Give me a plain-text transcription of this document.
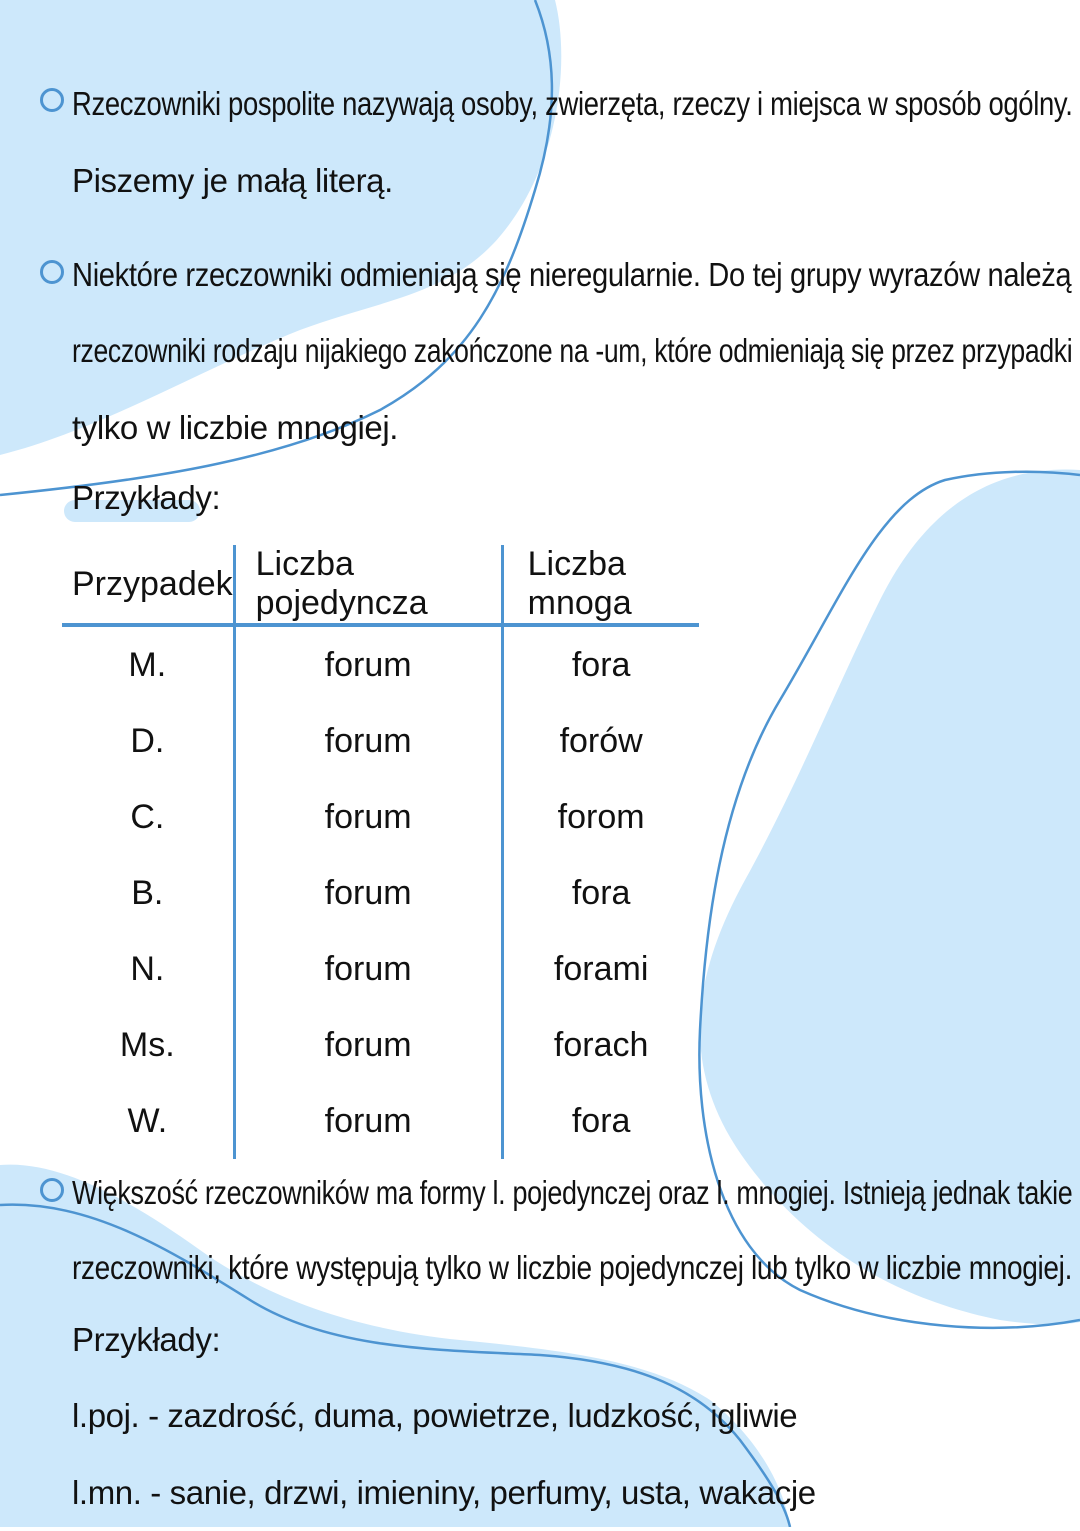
Rzeczowniki pospolite nazywają osoby, zwierzęta, rzeczy i miejsca w sposób ogólny.
Piszemy je małą literą.
Niektóre rzeczowniki odmieniają się nieregularnie. Do tej grupy wyrazów należą
rzeczowniki rodzaju nijakiego zakończone na -um, które odmieniają się przez przypadki
tylko w liczbie mnogiej.
Przykłady:
Przypadek	Liczba pojedyncza	Liczba mnoga
M.	forum	fora
D.	forum	forów
C.	forum	forom
B.	forum	fora
N.	forum	forami
Ms.	forum	forach
W.	forum	fora
Większość rzeczowników ma formy l. pojedynczej oraz l. mnogiej. Istnieją jednak takie
rzeczowniki, które występują tylko w liczbie pojedynczej lub tylko w liczbie mnogiej.
Przykłady:
l.poj. - zazdrość, duma, powietrze, ludzkość, igliwie
l.mn. - sanie, drzwi, imieniny, perfumy, usta, wakacje
